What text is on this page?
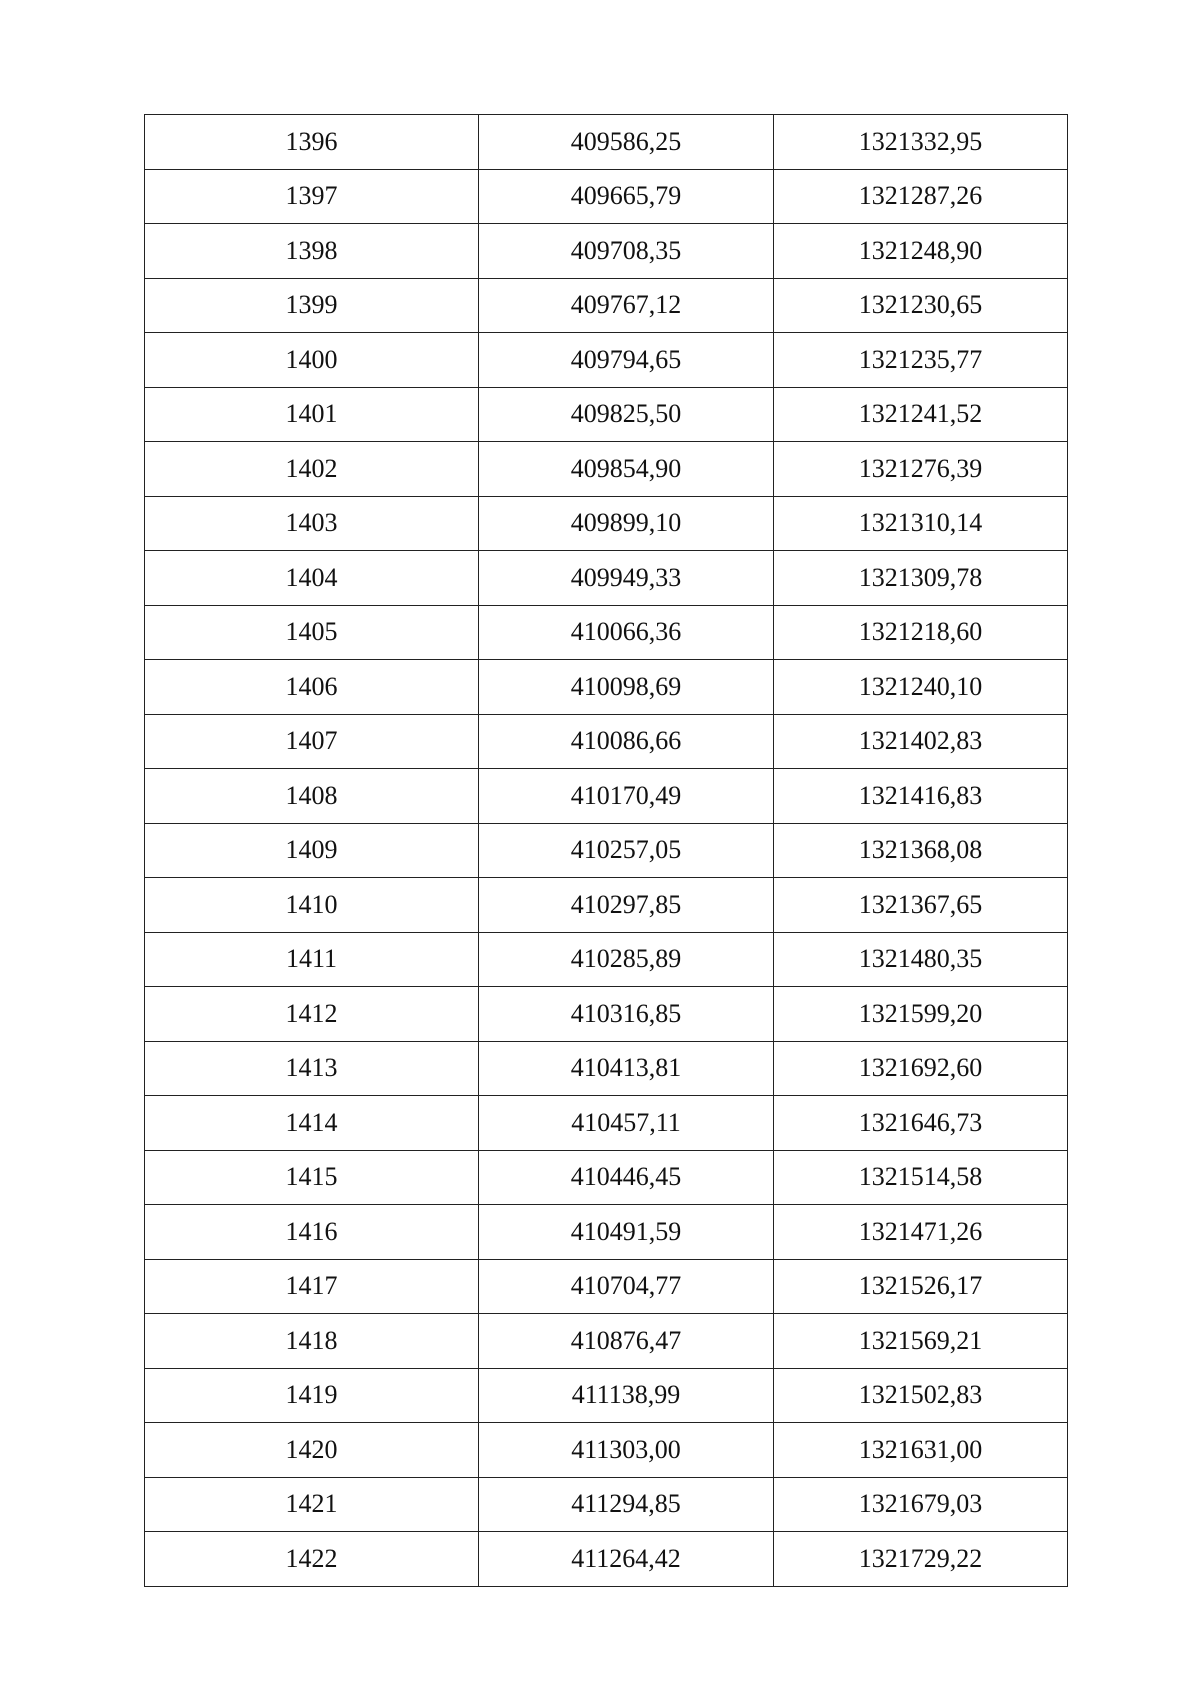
1396	409586,25	1321332,95
1397	409665,79	1321287,26
1398	409708,35	1321248,90
1399	409767,12	1321230,65
1400	409794,65	1321235,77
1401	409825,50	1321241,52
1402	409854,90	1321276,39
1403	409899,10	1321310,14
1404	409949,33	1321309,78
1405	410066,36	1321218,60
1406	410098,69	1321240,10
1407	410086,66	1321402,83
1408	410170,49	1321416,83
1409	410257,05	1321368,08
1410	410297,85	1321367,65
1411	410285,89	1321480,35
1412	410316,85	1321599,20
1413	410413,81	1321692,60
1414	410457,11	1321646,73
1415	410446,45	1321514,58
1416	410491,59	1321471,26
1417	410704,77	1321526,17
1418	410876,47	1321569,21
1419	411138,99	1321502,83
1420	411303,00	1321631,00
1421	411294,85	1321679,03
1422	411264,42	1321729,22
